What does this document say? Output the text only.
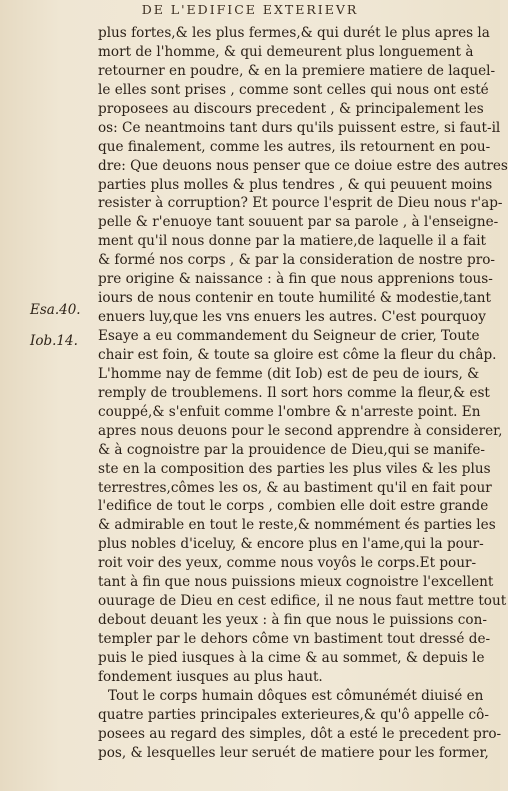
DE L'EDIFICE EXTERIEVR
Esa.40.
Iob.14.
plus fortes,& les plus fermes,& qui durét le plus apres la
mort de l'homme, & qui demeurent plus longuement à
retourner en poudre, & en la premiere matiere de laquel-
le elles sont prises , comme sont celles qui nous ont esté
proposees au discours precedent , & principalement les
os: Ce neantmoins tant durs qu'ils puissent estre, si faut-il
que finalement, comme les autres, ils retournent en pou-
dre: Que deuons nous penser que ce doiue estre des autres
parties plus molles & plus tendres , & qui peuuent moins
resister à corruption? Et pource l'esprit de Dieu nous r'ap-
pelle & r'enuoye tant souuent par sa parole , à l'enseigne-
ment qu'il nous donne par la matiere,de laquelle il a fait
& formé nos corps , & par la consideration de nostre pro-
pre origine & naissance : à fin que nous apprenions tous-
iours de nous contenir en toute humilité & modestie,tant
enuers luy,que les vns enuers les autres. C'est pourquoy
Esaye a eu commandement du Seigneur de crier, Toute
chair est foin, & toute sa gloire est côme la fleur du châp.
L'homme nay de femme (dit Iob) est de peu de iours, &
remply de troublemens. Il sort hors comme la fleur,& est
couppé,& s'enfuit comme l'ombre & n'arreste point. En
apres nous deuons pour le second apprendre à considerer,
& à cognoistre par la prouidence de Dieu,qui se manife-
ste en la composition des parties les plus viles & les plus
terrestres,cômes les os, & au bastiment qu'il en fait pour
l'edifice de tout le corps , combien elle doit estre grande
& admirable en tout le reste,& nommément és parties les
plus nobles d'iceluy, & encore plus en l'ame,qui la pour-
roit voir des yeux, comme nous voyôs le corps.Et pour-
tant à fin que nous puissions mieux cognoistre l'excellent
ouurage de Dieu en cest edifice, il ne nous faut mettre tout
debout deuant les yeux : à fin que nous le puissions con-
templer par le dehors côme vn bastiment tout dressé de-
puis le pied iusques à la cime & au sommet, & depuis le
fondement iusques au plus haut.
Tout le corps humain dôques est cômunémét diuisé en
quatre parties principales exterieures,& qu'ô appelle cô-
posees au regard des simples, dôt a esté le precedent pro-
pos, & lesquelles leur seruét de matiere pour les former,
